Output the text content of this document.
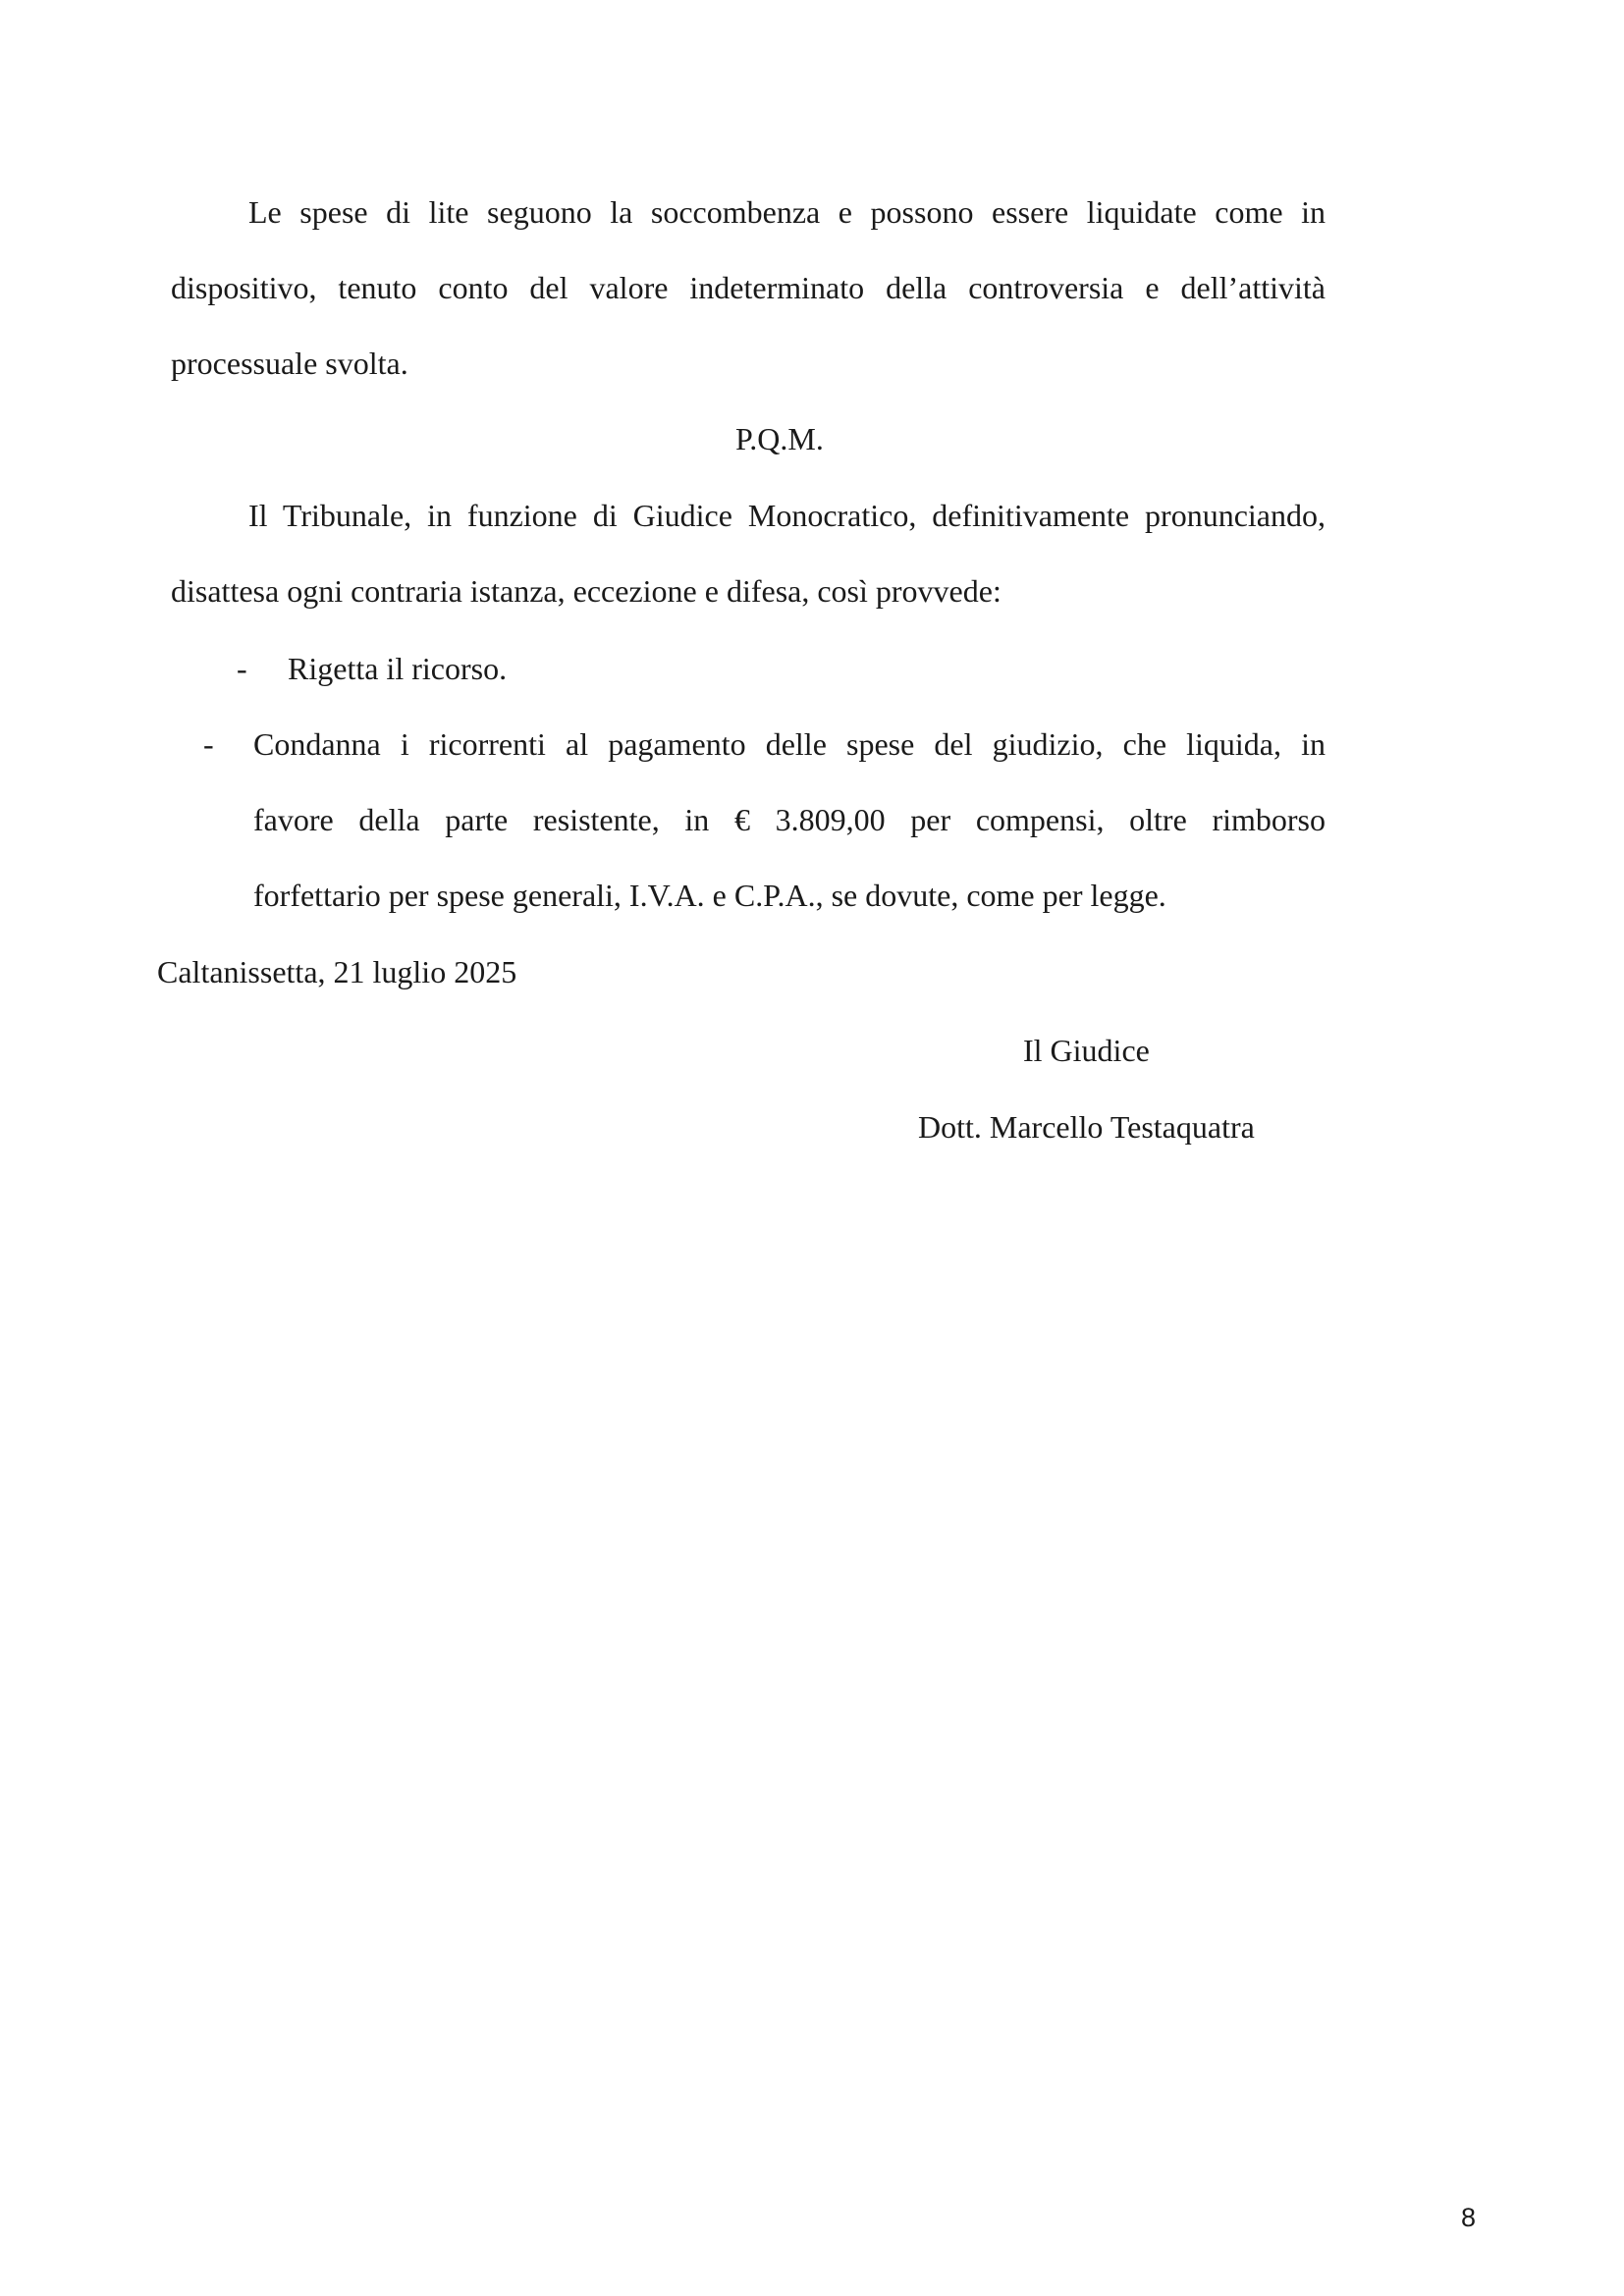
Le spese di lite seguono la soccombenza e possono essere liquidate come in
dispositivo, tenuto conto del valore indeterminato della controversia e dell’attività
processuale svolta.
P.Q.M.
Il Tribunale, in funzione di Giudice Monocratico, definitivamente pronunciando,
disattesa ogni contraria istanza, eccezione e difesa, così provvede:
- Rigetta il ricorso.
- Condanna i ricorrenti al pagamento delle spese del giudizio, che liquida, in
favore della parte resistente, in € 3.809,00 per compensi, oltre rimborso
forfettario per spese generali, I.V.A. e C.P.A., se dovute, come per legge.
Caltanissetta, 21 luglio 2025
Il Giudice
Dott. Marcello Testaquatra
8
